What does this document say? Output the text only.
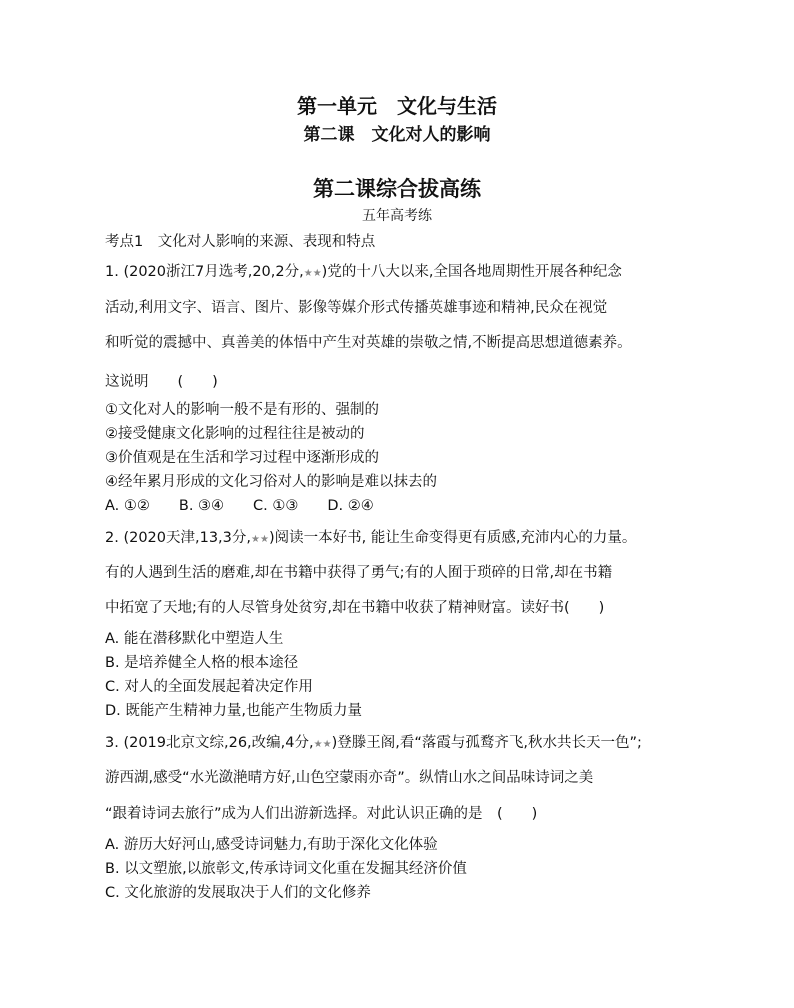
第一单元　文化与生活
第二课　文化对人的影响
第二课综合拔高练
五年高考练
考点1　文化对人影响的来源、表现和特点
1. (2020浙江7月选考,20,2分,★★)党的十八大以来,全国各地周期性开展各种纪念
活动,利用文字、语言、图片、影像等媒介形式传播英雄事迹和精神,民众在视觉
和听觉的震撼中、真善美的体悟中产生对英雄的崇敬之情,不断提高思想道德素养。
这说明　　(　　)
①文化对人的影响一般不是有形的、强制的
②接受健康文化影响的过程往往是被动的
③价值观是在生活和学习过程中逐渐形成的
④经年累月形成的文化习俗对人的影响是难以抹去的
A. ①②　　B. ③④　　C. ①③　　D. ②④
2. (2020天津,13,3分,★★)阅读一本好书, 能让生命变得更有质感,充沛内心的力量。
有的人遇到生活的磨难,却在书籍中获得了勇气;有的人囿于琐碎的日常,却在书籍
中拓宽了天地;有的人尽管身处贫穷,却在书籍中收获了精神财富。读好书(　　)
A. 能在潜移默化中塑造人生
B. 是培养健全人格的根本途径
C. 对人的全面发展起着决定作用
D. 既能产生精神力量,也能产生物质力量
3. (2019北京文综,26,改编,4分,★★)登滕王阁,看“落霞与孤鹜齐飞,秋水共长天一色”;
游西湖,感受“水光潋滟晴方好,山色空蒙雨亦奇”。纵情山水之间品味诗词之美
“跟着诗词去旅行”成为人们出游新选择。对此认识正确的是　(　　)
A. 游历大好河山,感受诗词魅力,有助于深化文化体验
B. 以文塑旅,以旅彰文,传承诗词文化重在发掘其经济价值
C. 文化旅游的发展取决于人们的文化修养
